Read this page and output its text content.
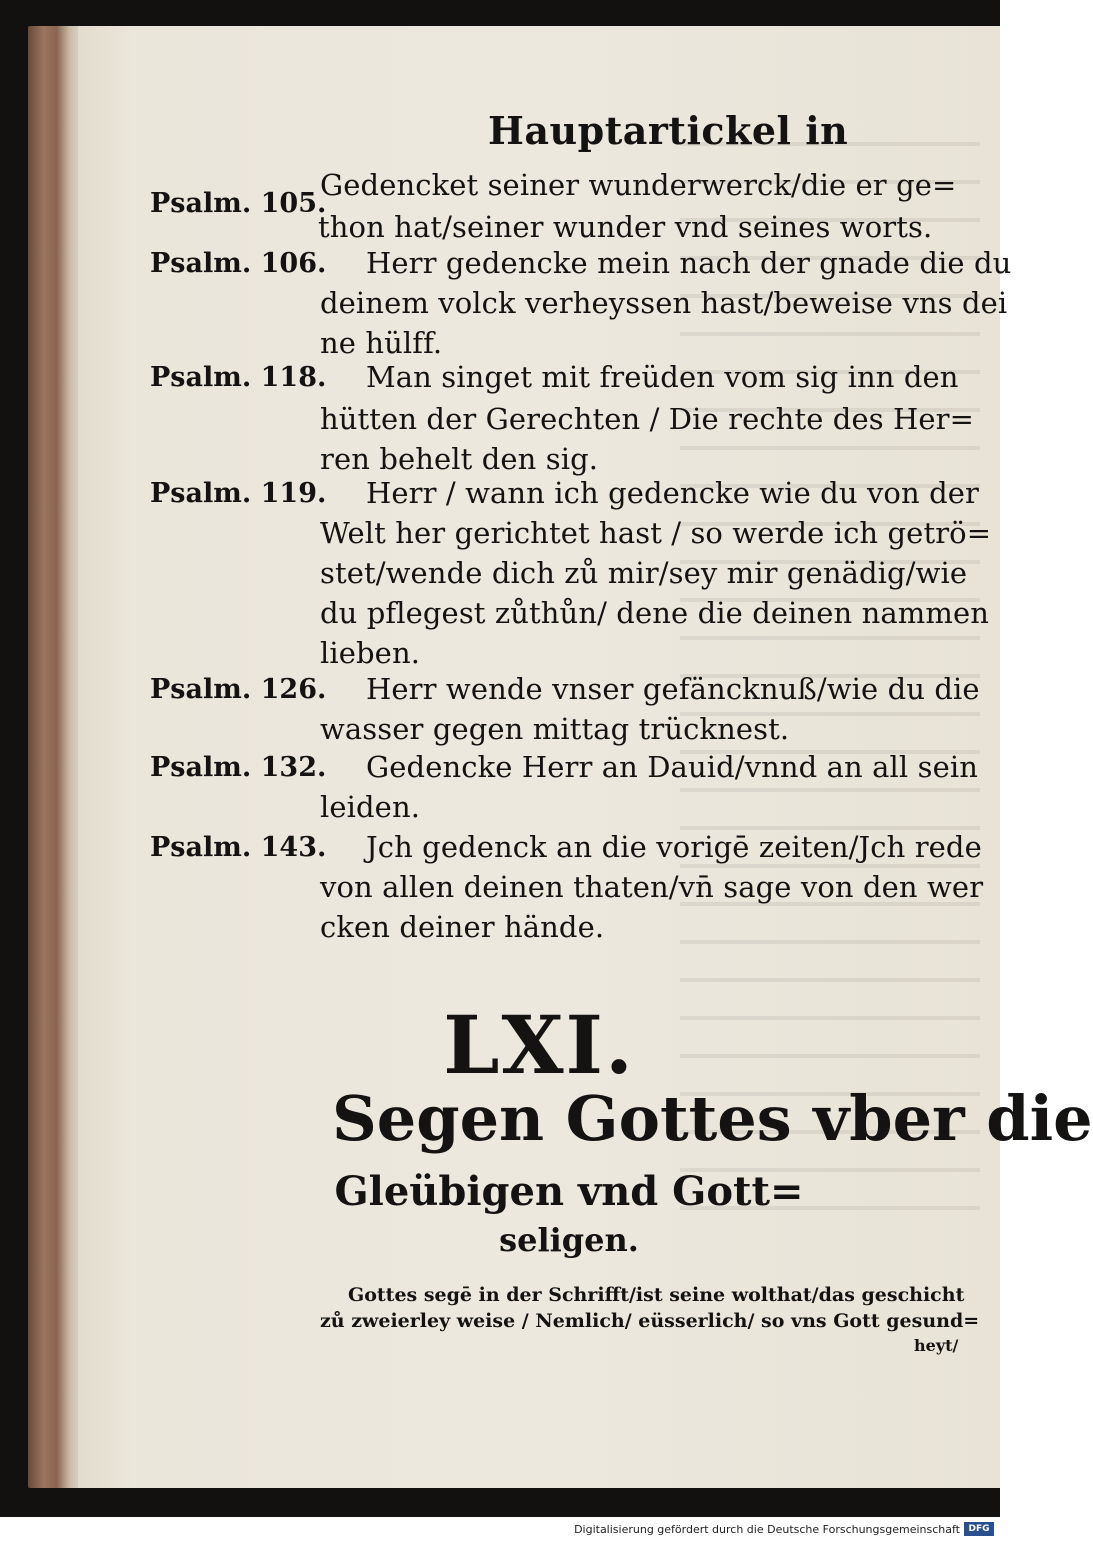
Hauptartickel in
Psalm. 105.
Gedencket seiner wunderwerck/die er ge=
thon hat/seiner wunder vnd seines worts.
Psalm. 106. Herr gedencke mein nach der gnade die du
deinem volck verheyssen hast/beweise vns dei
ne hülff.
Psalm. 118. Man singet mit freüden vom sig inn den
hütten der Gerechten / Die rechte des Her=
ren behelt den sig.
Psalm. 119. Herr / wann ich gedencke wie du von der
Welt her gerichtet hast / so werde ich getrö=
stet/wende dich zů mir/sey mir genädig/wie
du pflegest zůthůn/ dene die deinen nammen
lieben.
Psalm. 126. Herr wende vnser gefäncknuß/wie du die
wasser gegen mittag trücknest.
Psalm. 132. Gedencke Herr an Dauid/vnnd an all sein
leiden.
Psalm. 143. Jch gedenck an die vorigē zeiten/Jch rede
von allen deinen thaten/vn̄ sage von den wer
cken deiner hände.
LXI.
Segen Gottes vber die
Gleübigen vnd Gott=
seligen.
Gottes segē in der Schrifft/ist seine wolthat/das geschicht
zů zweierley weise / Nemlich/ eüsserlich/ so vns Gott gesund=
heyt/
Digitalisierung gefördert durch die Deutsche Forschungsgemeinschaft DFG
